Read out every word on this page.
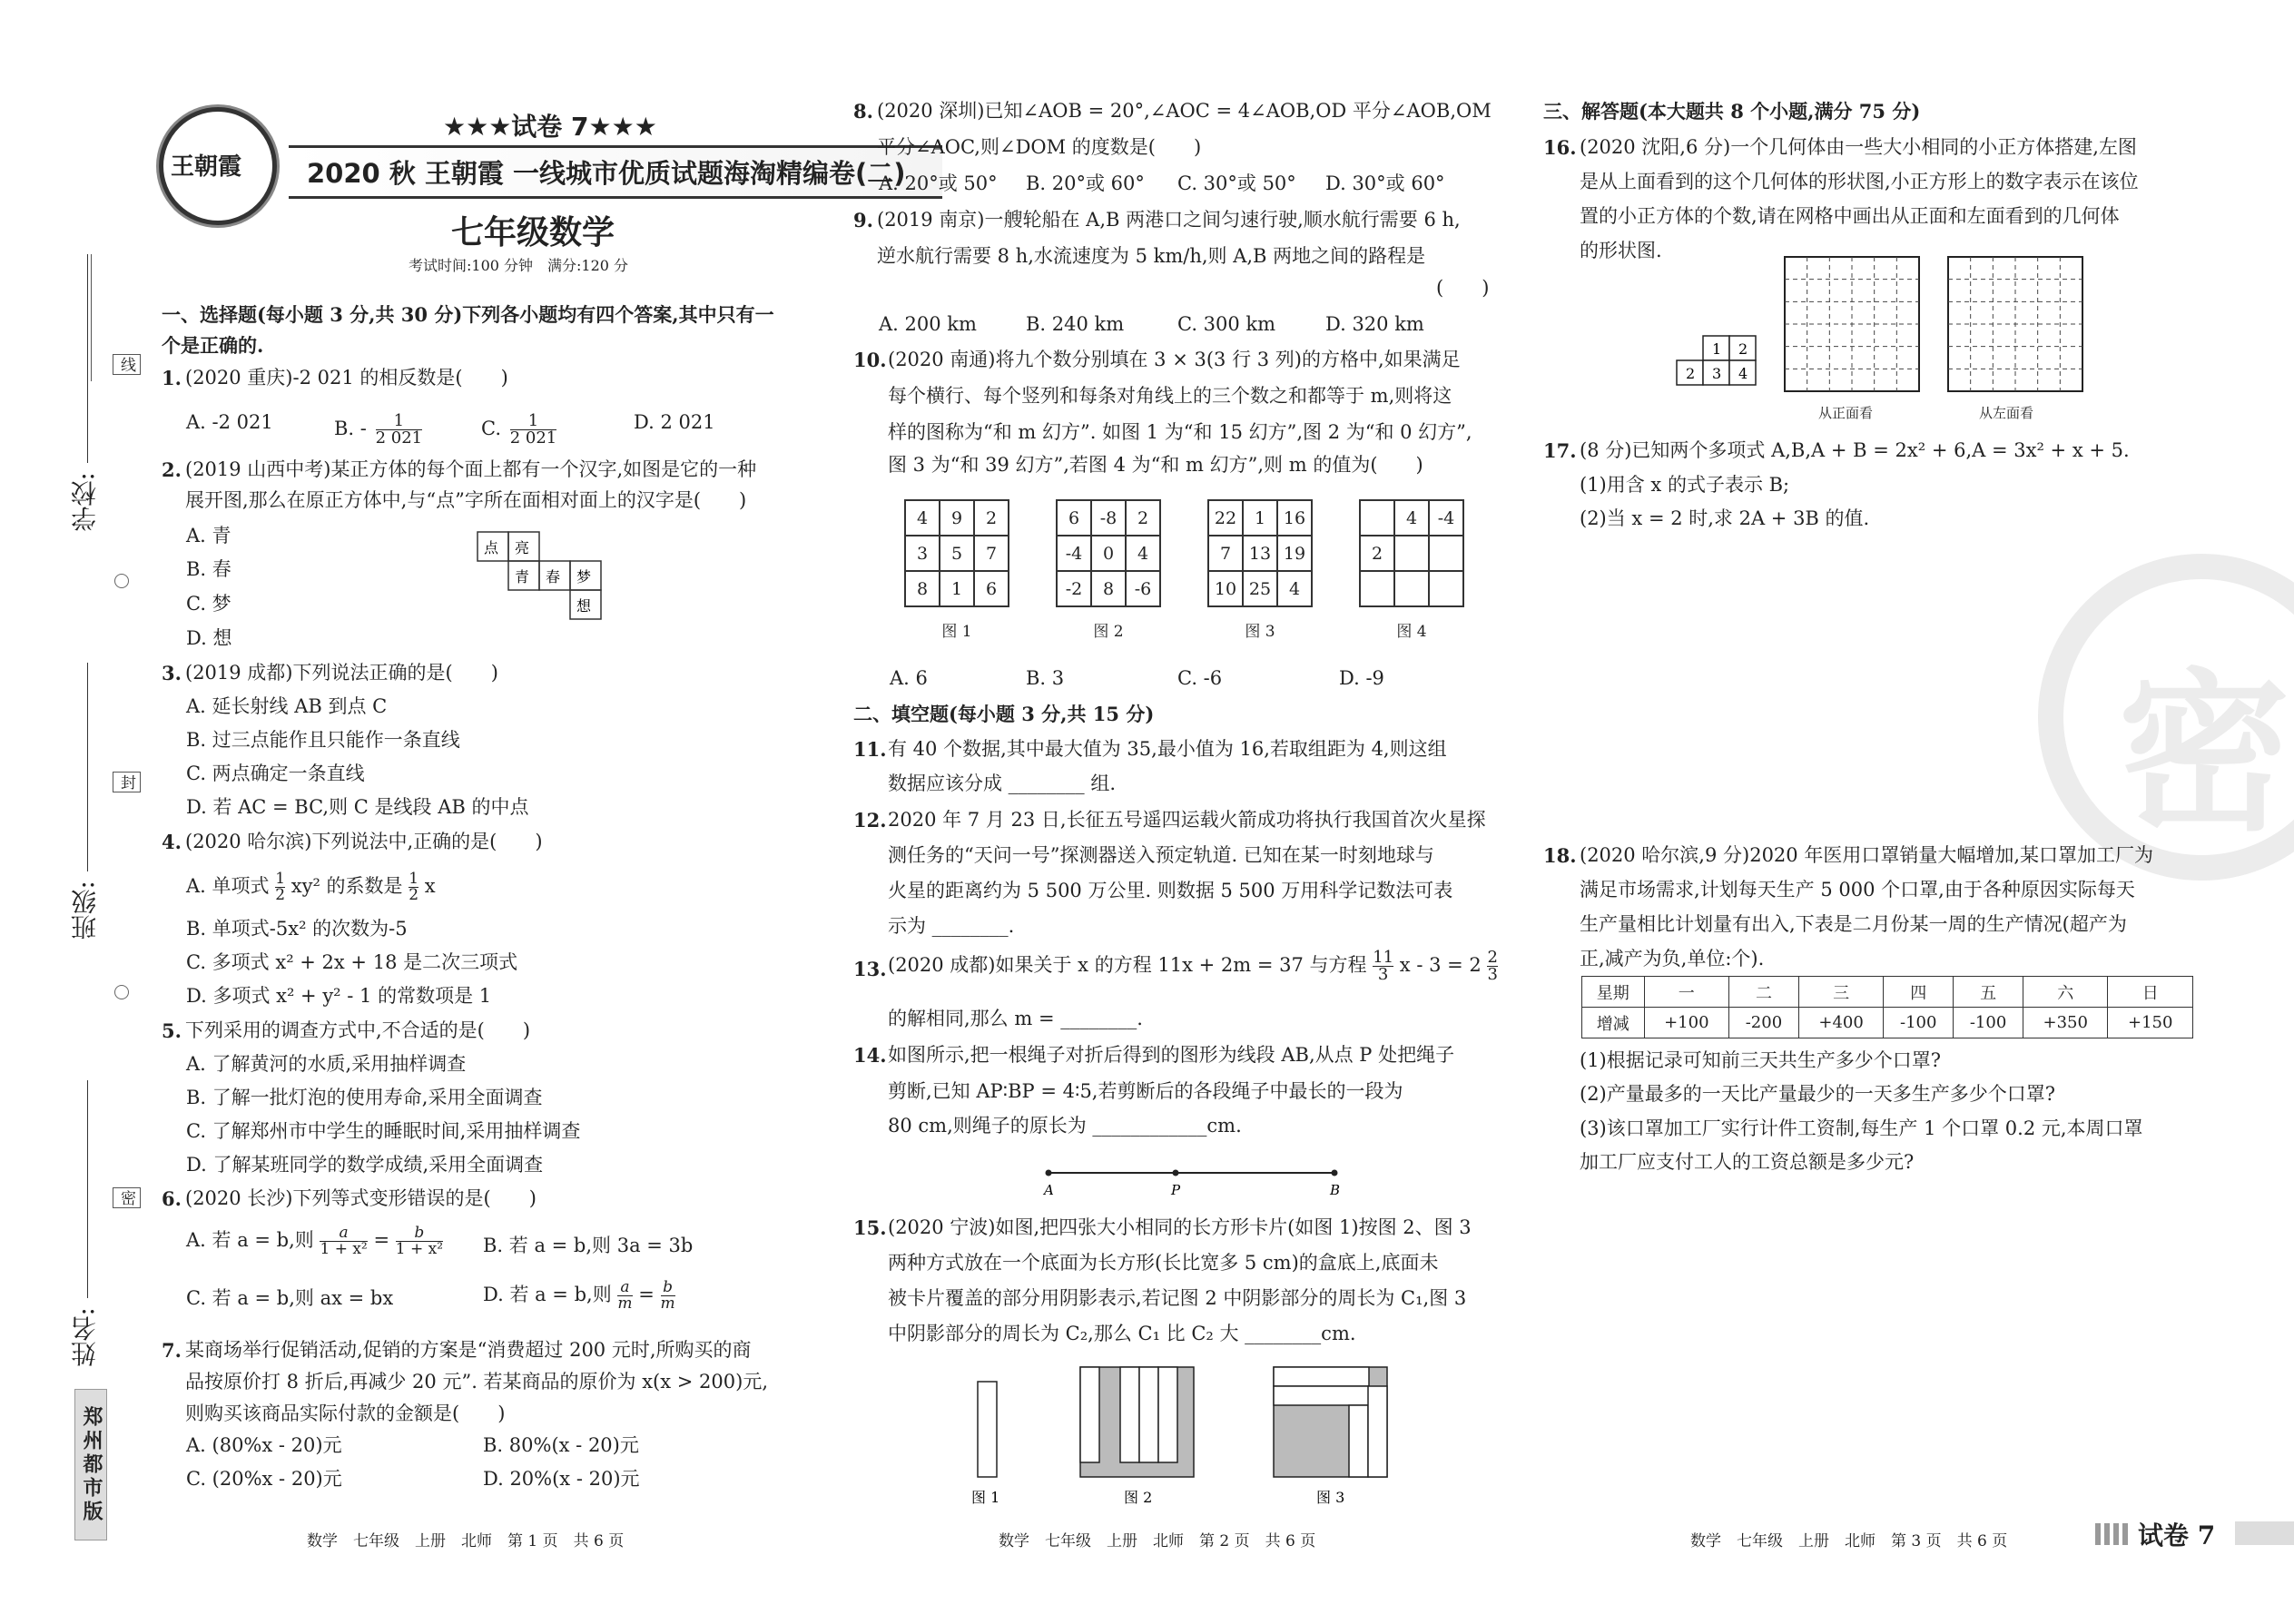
学校:
线
班级:
封
密
姓名:
郑州都市版
王朝霞
★★★试卷 7★★★
2020 秋 王朝霞 一线城市优质试题海淘精编卷(二)
七年级数学
考试时间:100 分钟　满分:120 分
一、选择题(每小题 3 分,共 30 分)下列各小题均有四个答案,其中只有一
个是正确的.
1. (2020 重庆)-2 021 的相反数是(　　)
A. -2 021	B. - $\frac{1}{2 021}$	C. $\frac{1}{2 021}$	D. 2 021
2. (2019 山西中考)某正方体的每个面上都有一个汉字,如图是它的一种
展开图,那么在原正方体中,与“点”字所在面相对面上的汉字是(　　)
A. 青
B. 春
C. 梦
D. 想
点 亮
青 春 梦
想
3. (2019 成都)下列说法正确的是(　　)
A. 延长射线 AB 到点 C
B. 过三点能作且只能作一条直线
C. 两点确定一条直线
D. 若 AC = BC,则 C 是线段 AB 的中点
4. (2020 哈尔滨)下列说法中,正确的是(　　)
A. 单项式 $\frac{1}{2} xy^2$ 的系数是 $\frac{1}{2}$ x
B. 单项式-5x² 的次数为-5
C. 多项式 x² + 2x + 18 是二次三项式
D. 多项式 x² + y² - 1 的常数项是 1
5. 下列采用的调查方式中,不合适的是(　　)
A. 了解黄河的水质,采用抽样调查
B. 了解一批灯泡的使用寿命,采用全面调查
C. 了解郑州市中学生的睡眠时间,采用抽样调查
D. 了解某班同学的数学成绩,采用全面调查
6. (2020 长沙)下列等式变形错误的是(　　)
A. 若 a = b,则 $\frac{a}{\text{1 + x²}} = \frac{b}{\text{1 + x²}} B$. 若 a = b,则 3a = 3b
C. 若 a = b,则 ax = bx	D. 若 a = b,则 $\frac{a}{m} = \frac{b}{m}$
7. 某商场举行促销活动,促销的方案是“消费超过 200 元时,所购买的商
品按原价打 8 折后,再减少 20 元”. 若某商品的原价为 x(x > 200)元,
则购买该商品实际付款的金额是(　　)
A. (80%x - 20)元	B. 80%(x - 20)元
C. (20%x - 20)元	D. 20%(x - 20)元
数学　七年级　上册　北师　第 1 页　共 6 页
8. (2020 深圳)已知∠AOB = 20°,∠AOC = 4∠AOB,OD 平分∠AOB,OM
平分∠AOC,则∠DOM 的度数是(　　)
A. 20°或 50° B. 20°或 60° C. 30°或 50° D. 30°或 60°
9. (2019 南京)一艘轮船在 A,B 两港口之间匀速行驶,顺水航行需要 6 h,
逆水航行需要 8 h,水流速度为 5 km/h,则 A,B 两地之间的路程是
(　　)
A. 200 km	B. 240 km	C. 300 km	D. 320 km
10. (2020 南通)将九个数分别填在 3 × 3(3 行 3 列)的方格中,如果满足
每个横行、每个竖列和每条对角线上的三个数之和都等于 m,则将这
样的图称为“和 m 幻方”. 如图 1 为“和 15 幻方”,图 2 为“和 0 幻方”,
图 3 为“和 39 幻方”,若图 4 为“和 m 幻方”,则 m 的值为(　　)
4	9	2
3	5	7
8	1	6
图 1
6	-8	2
-4	0	4
-2	8	-6
图 2
22	1	16
7	13	19
10	25	4
图 3
	4	-4
2		

图 4
A. 6	B. 3	C. -6	D. -9
二、填空题(每小题 3 分,共 15 分)
11. 有 40 个数据,其中最大值为 35,最小值为 16,若取组距为 4,则这组
数据应该分成 ________ 组.
12. 2020 年 7 月 23 日,长征五号遥四运载火箭成功将执行我国首次火星探
测任务的“天问一号”探测器送入预定轨道. 已知在某一时刻地球与
火星的距离约为 5 500 万公里. 则数据 5 500 万用科学记数法可表
示为 ________.
13. (2020 成都)如果关于 x 的方程 11x + 2m = 37 与方程 $\frac{11}{3}$ $x - 3 = 2 \frac{2}{3}$
的解相同,那么 m = ________.
14. 如图所示,把一根绳子对折后得到的图形为线段 AB,从点 P 处把绳子
剪断,已知 AP∶BP = 4∶5,若剪断后的各段绳子中最长的一段为
80 cm,则绳子的原长为 ____________cm.
A	P	B
15. (2020 宁波)如图,把四张大小相同的长方形卡片(如图 1)按图 2、图 3
两种方式放在一个底面为长方形(长比宽多 5 cm)的盒底上,底面未
被卡片覆盖的部分用阴影表示,若记图 2 中阴影部分的周长为 C₁,图 3
中阴影部分的周长为 C₂,那么 C₁ 比 C₂ 大 ________cm.
图 1	图 2	图 3
数学　七年级　上册　北师　第 2 页　共 6 页
三、解答题(本大题共 8 个小题,满分 75 分)
16. (2020 沈阳,6 分)一个几何体由一些大小相同的小正方体搭建,左图
是从上面看到的这个几何体的形状图,小正方形上的数字表示在该位
置的小正方体的个数,请在网格中画出从正面和左面看到的几何体
的形状图.
1 2
2 3 4
从正面看	从左面看
17. (8 分)已知两个多项式 A,B,A + B = 2x² + 6,A = 3x² + x + 5.
(1)用含 x 的式子表示 B;
(2)当 x = 2 时,求 2A + 3B 的值.
密
18. (2020 哈尔滨,9 分)2020 年医用口罩销量大幅增加,某口罩加工厂为
满足市场需求,计划每天生产 5 000 个口罩,由于各种原因实际每天
生产量相比计划量有出入,下表是二月份某一周的生产情况(超产为
正,减产为负,单位:个).
星期	一	二	三	四	五	六	日
增减	+100	-200	+400	-100	-100	+350	+150
(1)根据记录可知前三天共生产多少个口罩?
(2)产量最多的一天比产量最少的一天多生产多少个口罩?
(3)该口罩加工厂实行计件工资制,每生产 1 个口罩 0.2 元,本周口罩
加工厂应支付工人的工资总额是多少元?
数学　七年级　上册　北师　第 3 页　共 6 页	试卷 7
